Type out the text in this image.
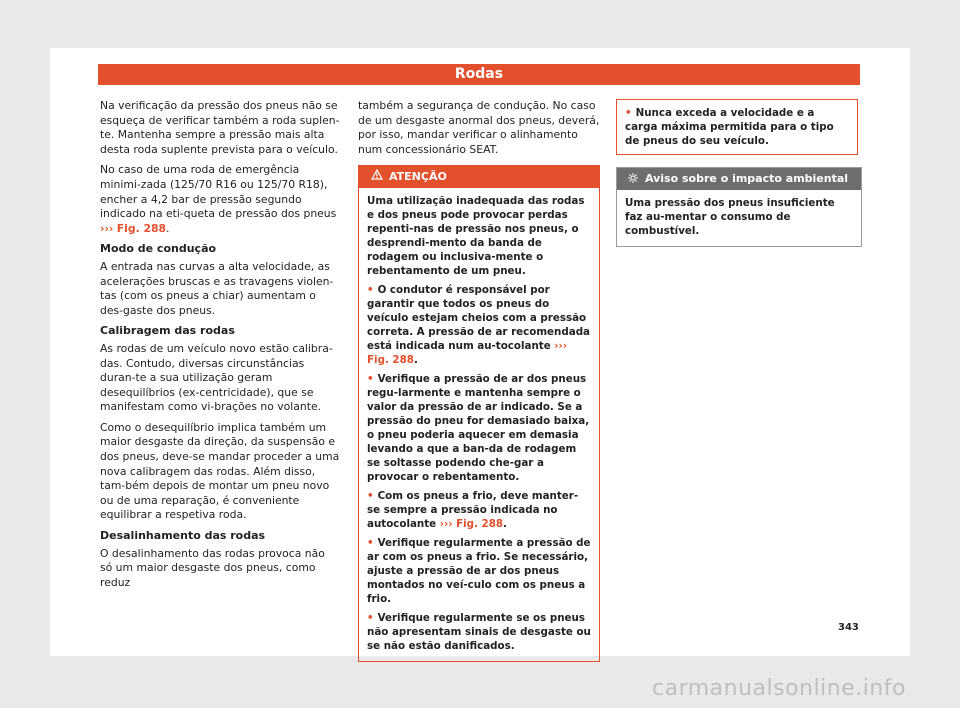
Rodas

Na verificação da pressão dos pneus não se esqueça de verificar também a roda suplen-te. Mantenha sempre a pressão mais alta desta roda suplente prevista para o veículo.

No caso de uma roda de emergência minimi-zada (125/70 R16 ou 125/70 R18), encher a 4,2 bar de pressão segundo indicado na eti-queta de pressão dos pneus ››› Fig. 288.

Modo de condução

A entrada nas curvas a alta velocidade, as acelerações bruscas e as travagens violen-tas (com os pneus a chiar) aumentam o des-gaste dos pneus.

Calibragem das rodas

As rodas de um veículo novo estão calibra-das. Contudo, diversas circunstâncias duran-te a sua utilização geram desequilíbrios (ex-centricidade), que se manifestam como vi-brações no volante.

Como o desequilíbrio implica também um maior desgaste da direção, da suspensão e dos pneus, deve-se mandar proceder a uma nova calibragem das rodas. Além disso, tam-bém depois de montar um pneu novo ou de uma reparação, é conveniente equilibrar a respetiva roda.

Desalinhamento das rodas

O desalinhamento das rodas provoca não só um maior desgaste dos pneus, como reduz

também a segurança de condução. No caso de um desgaste anormal dos pneus, deverá, por isso, mandar verificar o alinhamento num concessionário SEAT.

ATENÇÃO

Uma utilização inadequada das rodas e dos pneus pode provocar perdas repenti-nas de pressão nos pneus, o desprendi-mento da banda de rodagem ou inclusiva-mente o rebentamento de um pneu.

• O condutor é responsável por garantir que todos os pneus do veículo estejam cheios com a pressão correta. A pressão de ar recomendada está indicada num au-tocolante ››› Fig. 288.

• Verifique a pressão de ar dos pneus regu-larmente e mantenha sempre o valor da pressão de ar indicado. Se a pressão do pneu for demasiado baixa, o pneu poderia aquecer em demasia levando a que a ban-da de rodagem se soltasse podendo che-gar a provocar o rebentamento.

• Com os pneus a frio, deve manter-se sempre a pressão indicada no autocolante ››› Fig. 288.

• Verifique regularmente a pressão de ar com os pneus a frio. Se necessário, ajuste a pressão de ar dos pneus montados no veí-culo com os pneus a frio.

• Verifique regularmente se os pneus não apresentam sinais de desgaste ou se não estão danificados.

• Nunca exceda a velocidade e a carga máxima permitida para o tipo de pneus do seu veículo.
Aviso sobre o impacto ambiental
Uma pressão dos pneus insuficiente faz au-mentar o consumo de combustível.
343
carmanualsonline.info
